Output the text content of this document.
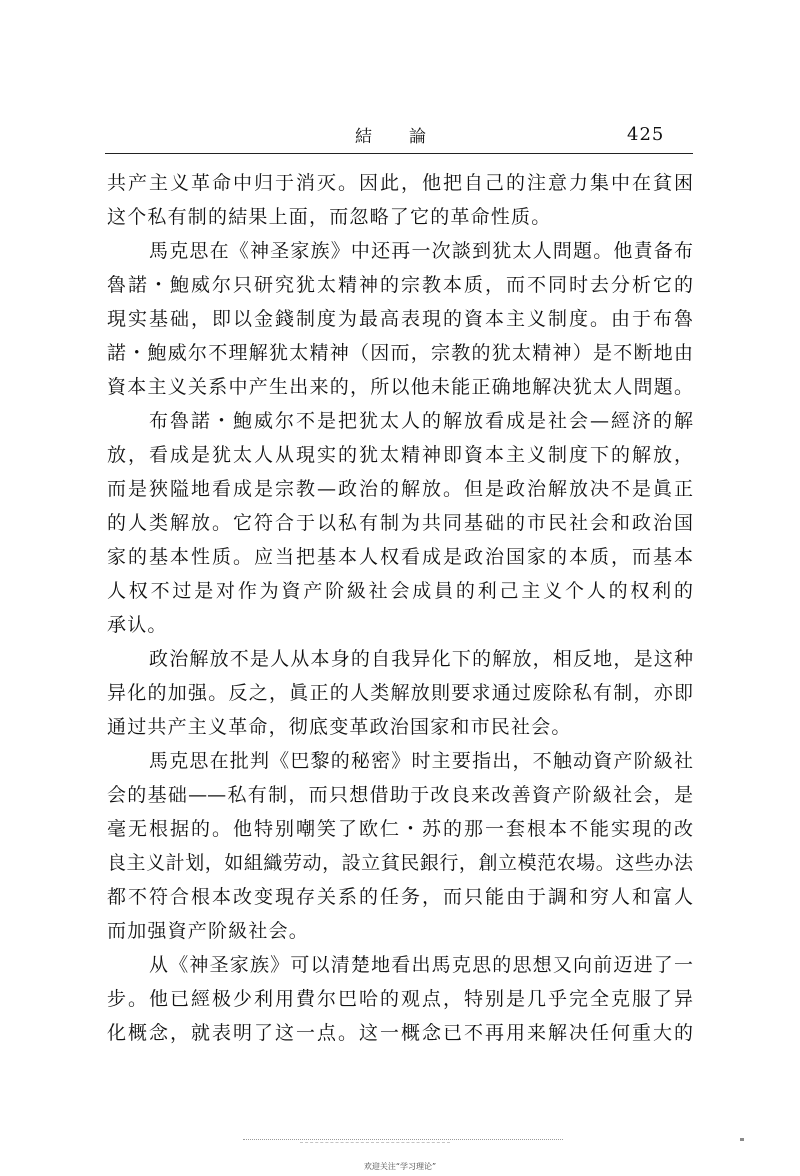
結　論	425
共产主义革命中归于消灭。因此，他把自己的注意力集中在貧困
这个私有制的結果上面，而忽略了它的革命性质。
馬克思在《神圣家族》中还再一次談到犹太人問題。他責备布
魯諾・鮑威尔只研究犹太精神的宗教本质，而不同时去分析它的
現实基础，即以金錢制度为最高表現的資本主义制度。由于布魯
諾・鮑威尔不理解犹太精神（因而，宗教的犹太精神）是不断地由
資本主义关系中产生出来的，所以他未能正确地解决犹太人問題。
布魯諾・鮑威尔不是把犹太人的解放看成是社会—經济的解
放，看成是犹太人从現实的犹太精神即資本主义制度下的解放，
而是狹隘地看成是宗教—政治的解放。但是政治解放决不是眞正
的人类解放。它符合于以私有制为共同基础的市民社会和政治国
家的基本性质。应当把基本人权看成是政治国家的本质，而基本
人权不过是对作为資产阶級社会成員的利己主义个人的权利的
承认。
政治解放不是人从本身的自我异化下的解放，相反地，是这种
异化的加强。反之，眞正的人类解放則要求通过废除私有制，亦即
通过共产主义革命，彻底变革政治国家和市民社会。
馬克思在批判《巴黎的秘密》时主要指出，不触动資产阶級社
会的基础——私有制，而只想借助于改良来改善資产阶級社会，是
毫无根据的。他特别嘲笑了欧仁・苏的那一套根本不能实現的改
良主义計划，如組織劳动，設立貧民銀行，創立模范农場。这些办法
都不符合根本改变現存关系的任务，而只能由于調和穷人和富人
而加强資产阶級社会。
从《神圣家族》可以清楚地看出馬克思的思想又向前迈进了一
步。他已經极少利用費尔巴哈的观点，特别是几乎完全克服了异
化概念，就表明了这一点。这一概念已不再用来解决任何重大的
欢迎关注“学习理论”
